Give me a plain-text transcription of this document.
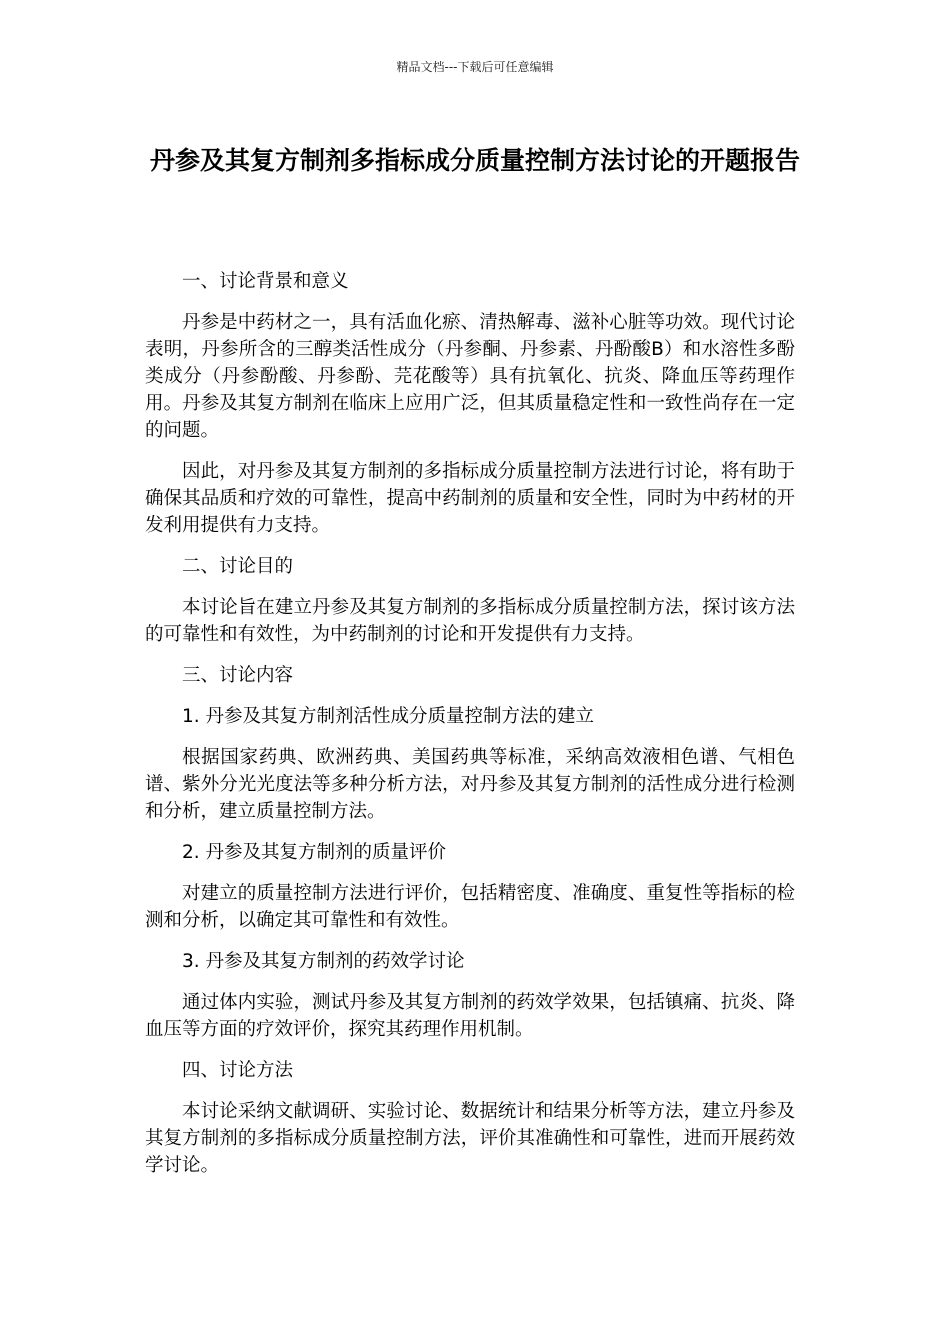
精品文档---下载后可任意编辑
丹参及其复方制剂多指标成分质量控制方法讨论的开题报告

一、讨论背景和意义

丹参是中药材之一，具有活血化瘀、清热解毒、滋补心脏等功效。现代讨论表明，丹参所含的三醇类活性成分（丹参酮、丹参素、丹酚酸B）和水溶性多酚类成分（丹参酚酸、丹参酚、芫花酸等）具有抗氧化、抗炎、降血压等药理作用。丹参及其复方制剂在临床上应用广泛，但其质量稳定性和一致性尚存在一定的问题。

因此，对丹参及其复方制剂的多指标成分质量控制方法进行讨论，将有助于确保其品质和疗效的可靠性，提高中药制剂的质量和安全性，同时为中药材的开发利用提供有力支持。

二、讨论目的

本讨论旨在建立丹参及其复方制剂的多指标成分质量控制方法，探讨该方法的可靠性和有效性，为中药制剂的讨论和开发提供有力支持。

三、讨论内容

1. 丹参及其复方制剂活性成分质量控制方法的建立

根据国家药典、欧洲药典、美国药典等标准，采纳高效液相色谱、气相色谱、紫外分光光度法等多种分析方法，对丹参及其复方制剂的活性成分进行检测和分析，建立质量控制方法。

2. 丹参及其复方制剂的质量评价

对建立的质量控制方法进行评价，包括精密度、准确度、重复性等指标的检测和分析，以确定其可靠性和有效性。

3. 丹参及其复方制剂的药效学讨论

通过体内实验，测试丹参及其复方制剂的药效学效果，包括镇痛、抗炎、降血压等方面的疗效评价，探究其药理作用机制。

四、讨论方法

本讨论采纳文献调研、实验讨论、数据统计和结果分析等方法，建立丹参及其复方制剂的多指标成分质量控制方法，评价其准确性和可靠性，进而开展药效学讨论。
